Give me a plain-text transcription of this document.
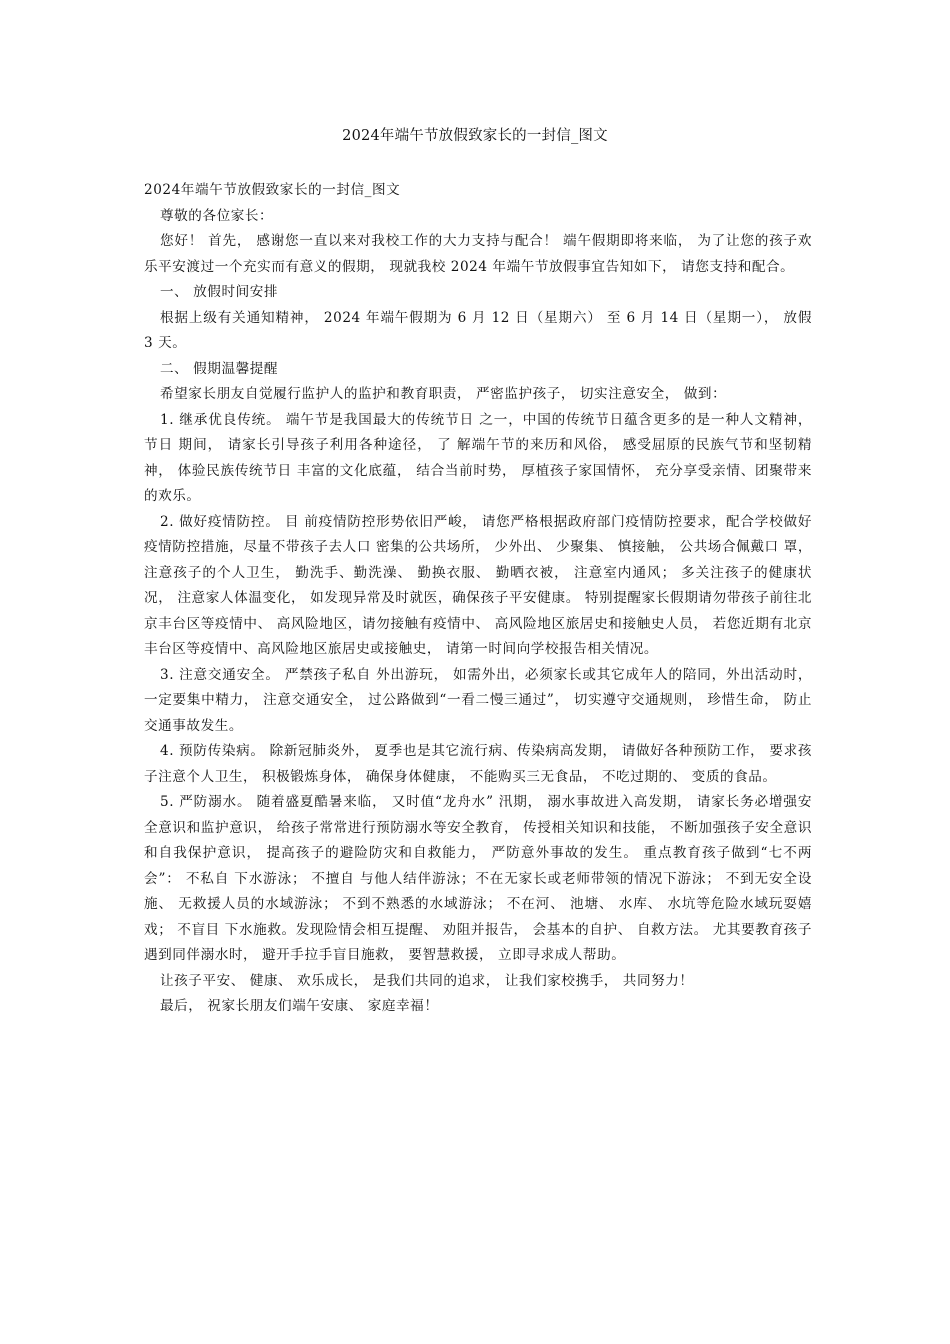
2024年端午节放假致家长的一封信_图文

2024年端午节放假致家长的一封信_图文

尊敬的各位家长：

您好！ 首先， 感谢您一直以来对我校工作的大力支持与配合！ 端午假期即将来临， 为了让您的孩子欢乐平安渡过一个充实而有意义的假期， 现就我校 2024 年端午节放假事宜告知如下， 请您支持和配合。

一、 放假时间安排

根据上级有关通知精神， 2024 年端午假期为 6 月 12 日（星期六） 至 6 月 14 日（星期一）， 放假 3 天。

二、 假期温馨提醒

希望家长朋友自觉履行监护人的监护和教育职责， 严密监护孩子， 切实注意安全， 做到：

1. 继承优良传统。 端午节是我国最大的传统节日 之一，中国的传统节日蕴含更多的是一种人文精神， 节日 期间， 请家长引导孩子利用各种途径， 了 解端午节的来历和风俗， 感受屈原的民族气节和坚韧精神， 体验民族传统节日 丰富的文化底蕴， 结合当前时势， 厚植孩子家国情怀， 充分享受亲情、团聚带来的欢乐。

2. 做好疫情防控。 目 前疫情防控形势依旧严峻， 请您严格根据政府部门疫情防控要求，配合学校做好疫情防控措施，尽量不带孩子去人口 密集的公共场所， 少外出、 少聚集、 慎接触， 公共场合佩戴口 罩， 注意孩子的个人卫生， 勤洗手、勤洗澡、 勤换衣服、 勤晒衣被， 注意室内通风； 多关注孩子的健康状况， 注意家人体温变化， 如发现异常及时就医，确保孩子平安健康。 特别提醒家长假期请勿带孩子前往北京丰台区等疫情中、 高风险地区，请勿接触有疫情中、 高风险地区旅居史和接触史人员， 若您近期有北京丰台区等疫情中、高风险地区旅居史或接触史， 请第一时间向学校报告相关情况。

3. 注意交通安全。 严禁孩子私自 外出游玩， 如需外出，必须家长或其它成年人的陪同，外出活动时， 一定要集中精力， 注意交通安全， 过公路做到“一看二慢三通过”， 切实遵守交通规则， 珍惜生命， 防止交通事故发生。

4. 预防传染病。 除新冠肺炎外， 夏季也是其它流行病、传染病高发期， 请做好各种预防工作， 要求孩子注意个人卫生， 积极锻炼身体， 确保身体健康， 不能购买三无食品， 不吃过期的、 变质的食品。

5. 严防溺水。 随着盛夏酷暑来临， 又时值“龙舟水” 汛期， 溺水事故进入高发期， 请家长务必增强安全意识和监护意识， 给孩子常常进行预防溺水等安全教育， 传授相关知识和技能， 不断加强孩子安全意识和自我保护意识， 提高孩子的避险防灾和自救能力， 严防意外事故的发生。 重点教育孩子做到“七不两会”： 不私自 下水游泳； 不擅自 与他人结伴游泳；不在无家长或老师带领的情况下游泳； 不到无安全设施、 无救援人员的水域游泳； 不到不熟悉的水域游泳； 不在河、 池塘、 水库、 水坑等危险水域玩耍嬉戏； 不盲目 下水施救。发现险情会相互提醒、 劝阻并报告， 会基本的自护、 自救方法。 尤其要教育孩子遇到同伴溺水时， 避开手拉手盲目施救， 要智慧救援， 立即寻求成人帮助。

让孩子平安、 健康、 欢乐成长， 是我们共同的追求， 让我们家校携手， 共同努力！

最后， 祝家长朋友们端午安康、 家庭幸福！
